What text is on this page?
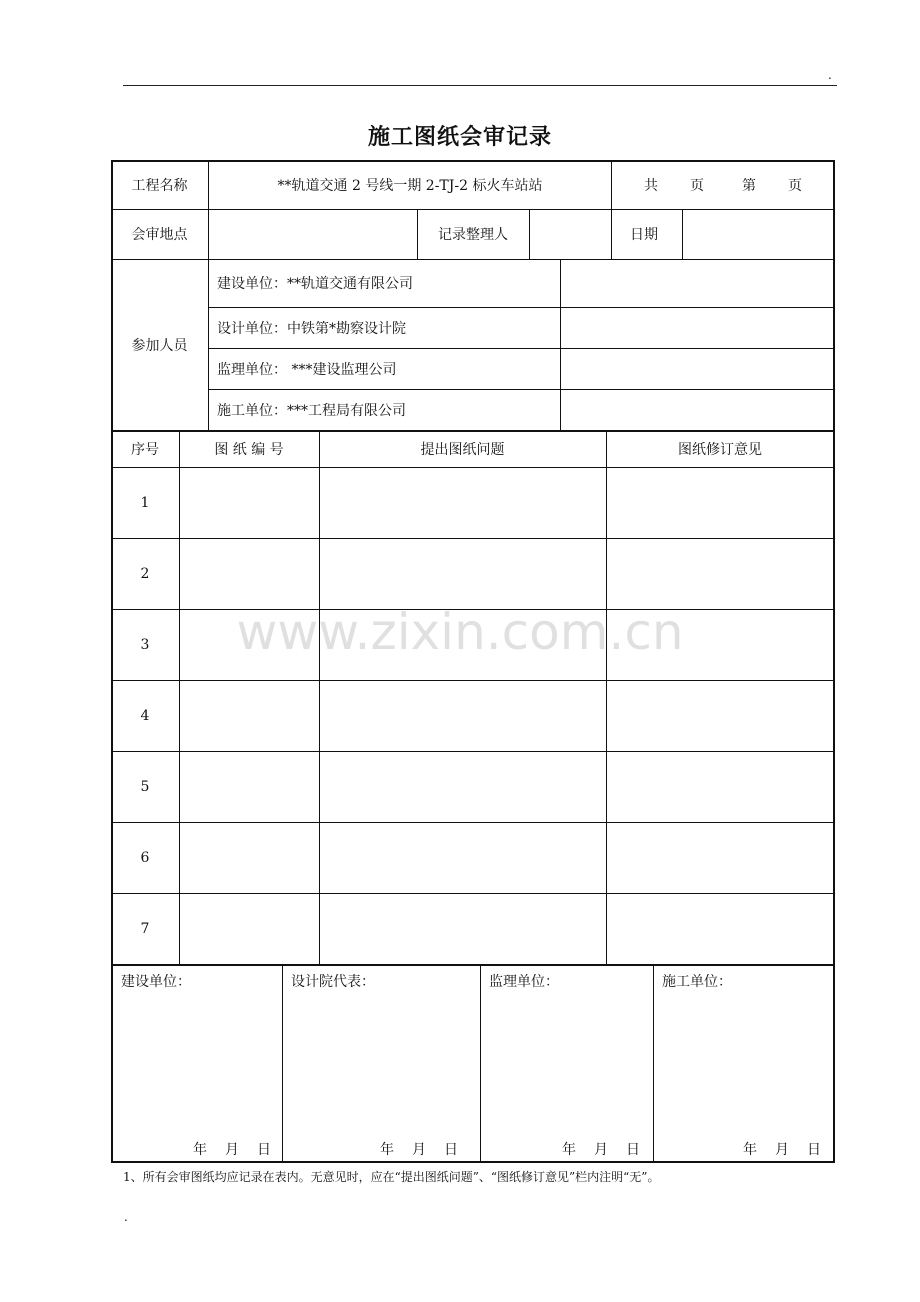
.
施工图纸会审记录
工程名称	**轨道交通 2 号线一期 2-TJ-2 标火车站站	共 页	第 页
会审地点	记录整理人	日期
参加人员
建设单位：**轨道交通有限公司
设计单位：中铁第*勘察设计院
监理单位： ***建设监理公司
施工单位：***工程局有限公司
序号	图 纸 编 号	提出图纸问题	图纸修订意见
1
2
3
4
5
6
7
建设单位：	设计院代表：	监理单位：	施工单位：
年 月 日	年 月 日	年 月 日	年 月 日
www.zixin.com.cn
1、所有会审图纸均应记录在表内。无意见时，应在“提出图纸问题”、“图纸修订意见”栏内注明“无”。
.
